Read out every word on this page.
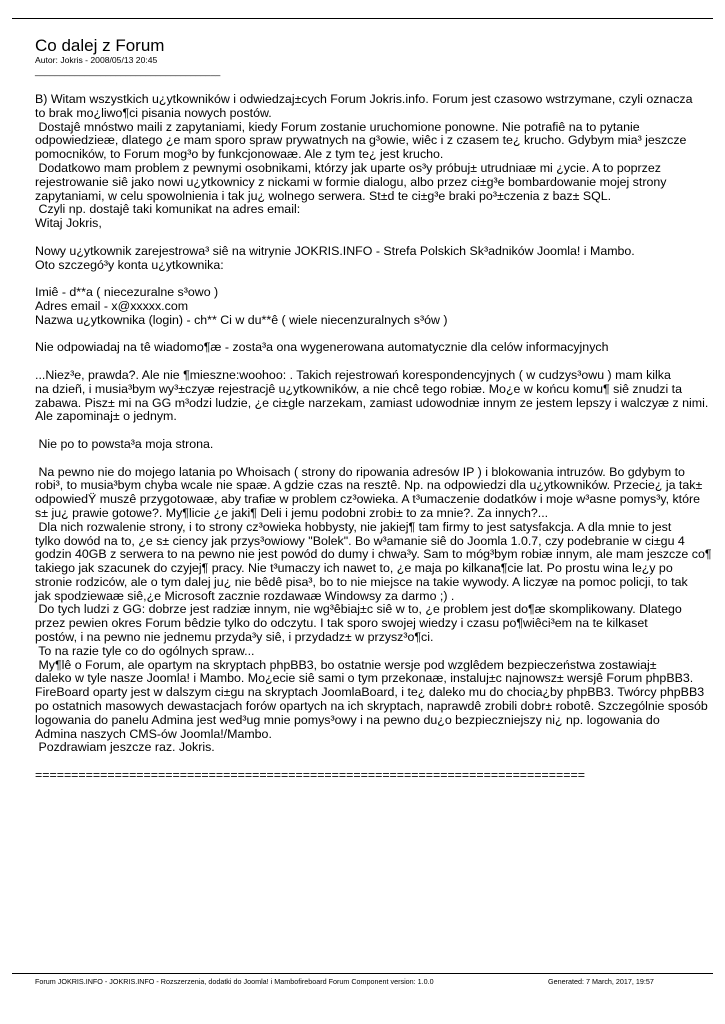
Co dalej z Forum
Autor: Jokris - 2008/05/13 20:45
_____________________________________
B) Witam wszystkich u¿ytkowników i odwiedzaj±cych Forum Jokris.info. Forum jest czasowo wstrzymane, czyli oznacza
to brak mo¿liwo¶ci pisania nowych postów.
Dostajê mnóstwo maili z zapytaniami, kiedy Forum zostanie uruchomione ponowne. Nie potrafiê na to pytanie
odpowiedzieæ, dlatego ¿e mam sporo spraw prywatnych na g³owie, wiêc i z czasem te¿ krucho. Gdybym mia³ jeszcze
pomocników, to Forum mog³o by funkcjonowaæ. Ale z tym te¿ jest krucho.
Dodatkowo mam problem z pewnymi osobnikami, którzy jak uparte os³y próbuj± utrudniaæ mi ¿ycie. A to poprzez
rejestrowanie siê jako nowi u¿ytkownicy z nickami w formie dialogu, albo przez ci±g³e bombardowanie mojej strony
zapytaniami, w celu spowolnienia i tak ju¿ wolnego serwera. St±d te ci±g³e braki po³±czenia z baz± SQL.
Czyli np. dostajê taki komunikat na adres email:
Witaj Jokris,
Nowy u¿ytkownik zarejestrowa³ siê na witrynie JOKRIS.INFO - Strefa Polskich Sk³adników Joomla! i Mambo.
Oto szczegó³y konta u¿ytkownika:
Imiê - d**a ( niecezuralne s³owo )
Adres email - x@xxxxx.com
Nazwa u¿ytkownika (login) - ch** Ci w du**ê ( wiele niecenzuralnych s³ów )
Nie odpowiadaj na tê wiadomo¶æ - zosta³a ona wygenerowana automatycznie dla celów informacyjnych
...Niez³e, prawda?. Ale nie ¶mieszne:woohoo: . Takich rejestrowań korespondencyjnych ( w cudzys³owu ) mam kilka
na dzieñ, i musia³bym wy³±czyæ rejestracjê u¿ytkowników, a nie chcê tego robiæ. Mo¿e w końcu komu¶ siê znudzi ta
zabawa. Pisz± mi na GG m³odzi ludzie, ¿e ci±gle narzekam, zamiast udowodniæ innym ze jestem lepszy i walczyæ z nimi.
Ale zapominaj± o jednym.
Nie po to powsta³a moja strona.
Na pewno nie do mojego latania po Whoisach ( strony do ripowania adresów IP ) i blokowania intruzów. Bo gdybym to
robi³, to musia³bym chyba wcale nie spaæ. A gdzie czas na resztê. Np. na odpowiedzi dla u¿ytkowników. Przecie¿ ja tak±
odpowiedŸ muszê przygotowaæ, aby trafiæ w problem cz³owieka. A t³umaczenie dodatków i moje w³asne pomys³y, które
s± ju¿ prawie gotowe?. My¶licie ¿e jaki¶ Deli i jemu podobni zrobi± to za mnie?. Za innych?...
Dla nich rozwalenie strony, i to strony cz³owieka hobbysty, nie jakiej¶ tam firmy to jest satysfakcja. A dla mnie to jest
tylko dowód na to, ¿e s± ciency jak przys³owiowy "Bolek". Bo w³amanie siê do Joomla 1.0.7, czy podebranie w ci±gu 4
godzin 40GB z serwera to na pewno nie jest powód do dumy i chwa³y. Sam to móg³bym robiæ innym, ale mam jeszcze co¶
takiego jak szacunek do czyjej¶ pracy. Nie t³umaczy ich nawet to, ¿e maja po kilkana¶cie lat. Po prostu wina le¿y po
stronie rodziców, ale o tym dalej ju¿ nie bêdê pisa³, bo to nie miejsce na takie wywody. A liczyæ na pomoc policji, to tak
jak spodziewaæ siê,¿e Microsoft zacznie rozdawaæ Windowsy za darmo ;) .
Do tych ludzi z GG: dobrze jest radziæ innym, nie wg³êbiaj±c siê w to, ¿e problem jest do¶æ skomplikowany. Dlatego
przez pewien okres Forum bêdzie tylko do odczytu. I tak sporo swojej wiedzy i czasu po¶wiêci³em na te kilkaset
postów, i na pewno nie jednemu przyda³y siê, i przydadz± w przysz³o¶ci.
To na razie tyle co do ogólnych spraw...
My¶lê o Forum, ale opartym na skryptach phpBB3, bo ostatnie wersje pod wzglêdem bezpieczeństwa zostawiaj±
daleko w tyle nasze Joomla! i Mambo. Mo¿ecie siê sami o tym przekonaæ, instaluj±c najnowsz± wersjê Forum phpBB3.
FireBoard oparty jest w dalszym ci±gu na skryptach JoomlaBoard, i te¿ daleko mu do chocia¿by phpBB3. Twórcy phpBB3
po ostatnich masowych dewastacjach forów opartych na ich skryptach, naprawdê zrobili dobr± robotê. Szczególnie sposób
logowania do panelu Admina jest wed³ug mnie pomys³owy i na pewno du¿o bezpieczniejszy ni¿ np. logowania do
Admina naszych CMS-ów Joomla!/Mambo.
Pozdrawiam jeszcze raz. Jokris.
============================================================================
Forum JOKRIS.INFO - JOKRIS.INFO - Rozszerzenia, dodatki do Joomla! i Mambofireboard Forum Component version: 1.0.0	Generated: 7 March, 2017, 19:57
